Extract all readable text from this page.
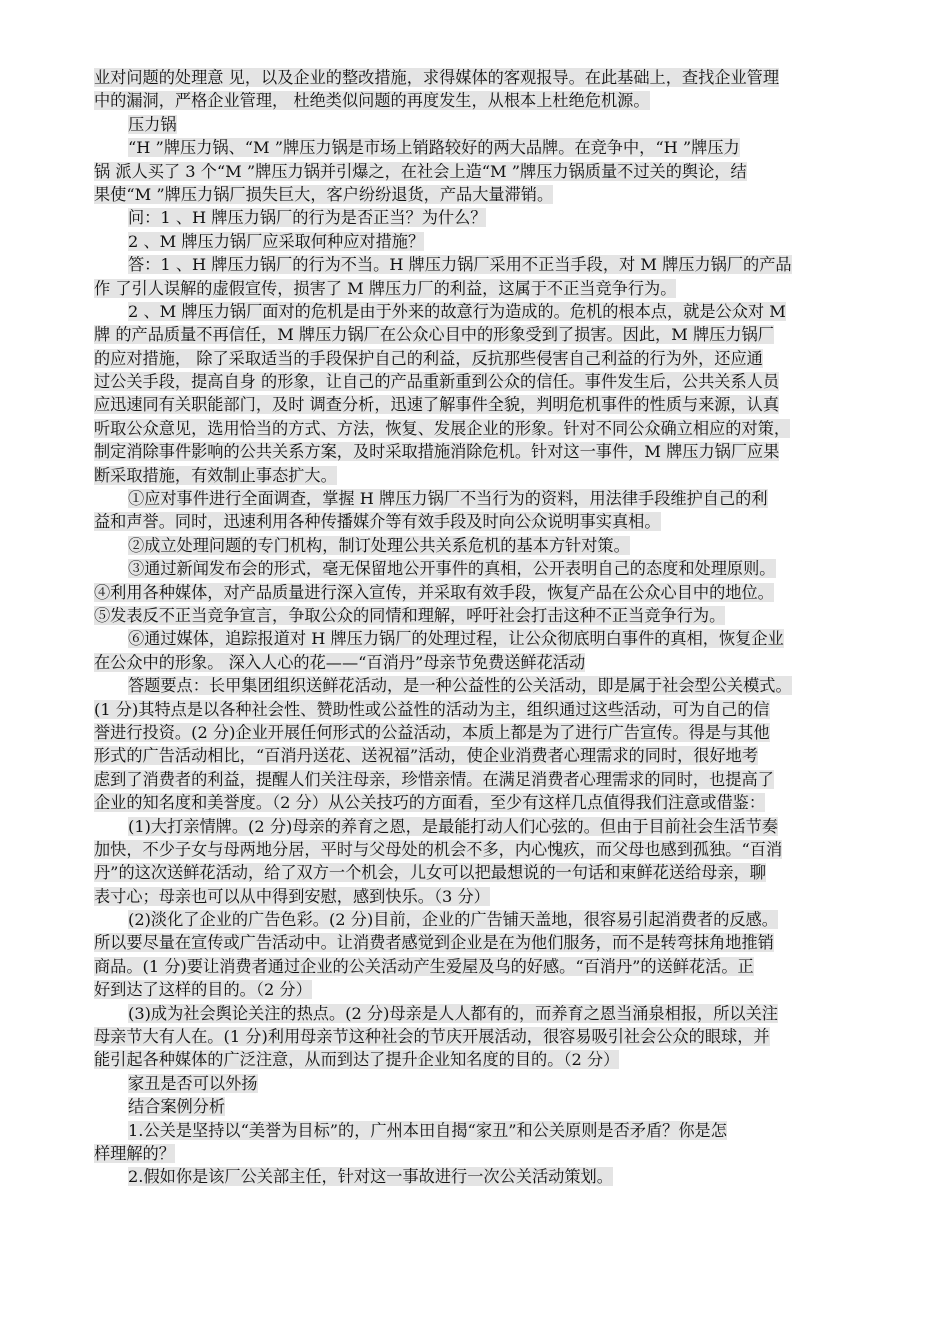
业对问题的处理意 见，以及企业的整改措施，求得媒体的客观报导。在此基础上，查找企业管理
中的漏洞，严格企业管理， 杜绝类似问题的再度发生，从根本上杜绝危机源。
压力锅
“H ”牌压力锅、“M ”牌压力锅是市场上销路较好的两大品牌。在竞争中，“H ”牌压力
锅 派人买了 3 个“M ”牌压力锅并引爆之，在社会上造“M ”牌压力锅质量不过关的舆论，结
果使“M ”牌压力锅厂损失巨大，客户纷纷退货，产品大量滞销。
问：1 、H 牌压力锅厂的行为是否正当？为什么？
2 、M 牌压力锅厂应采取何种应对措施？
答：1 、H 牌压力锅厂的行为不当。H 牌压力锅厂采用不正当手段，对 M 牌压力锅厂的产品
作 了引人误解的虚假宣传，损害了 M 牌压力厂的利益，这属于不正当竞争行为。
2 、M 牌压力锅厂面对的危机是由于外来的故意行为造成的。危机的根本点，就是公众对 M
牌 的产品质量不再信任，M 牌压力锅厂在公众心目中的形象受到了损害。因此，M 牌压力锅厂
的应对措施， 除了采取适当的手段保护自己的利益，反抗那些侵害自己利益的行为外，还应通
过公关手段，提高自身 的形象，让自己的产品重新重到公众的信任。事件发生后，公共关系人员
应迅速同有关职能部门，及时 调查分析，迅速了解事件全貌，判明危机事件的性质与来源，认真
听取公众意见，选用恰当的方式、方法，恢复、发展企业的形象。针对不同公众确立相应的对策，
制定消除事件影响的公共关系方案，及时采取措施消除危机。针对这一事件，M 牌压力锅厂应果
断采取措施，有效制止事态扩大。
①应对事件进行全面调查，掌握 H 牌压力锅厂不当行为的资料，用法律手段维护自己的利
益和声誉。同时，迅速利用各种传播媒介等有效手段及时向公众说明事实真相。
②成立处理问题的专门机构，制订处理公共关系危机的基本方针对策。
③通过新闻发布会的形式，毫无保留地公开事件的真相，公开表明自己的态度和处理原则。
④利用各种媒体，对产品质量进行深入宣传，并采取有效手段，恢复产品在公众心目中的地位。
⑤发表反不正当竞争宣言，争取公众的同情和理解，呼吁社会打击这种不正当竞争行为。
⑥通过媒体，追踪报道对 H 牌压力锅厂的处理过程，让公众彻底明白事件的真相，恢复企业
在公众中的形象。 深入人心的花——“百消丹”母亲节免费送鲜花活动
答题要点：长甲集团组织送鲜花活动，是一种公益性的公关活动，即是属于社会型公关模式。
(1 分)其特点是以各种社会性、赞助性或公益性的活动为主，组织通过这些活动，可为自己的信
誉进行投资。(2 分)企业开展任何形式的公益活动，本质上都是为了进行广告宣传。得是与其他
形式的广告活动相比，“百消丹送花、送祝福”活动，使企业消费者心理需求的同时，很好地考
虑到了消费者的利益，提醒人们关注母亲，珍惜亲情。在满足消费者心理需求的同时，也提高了
企业的知名度和美誉度。（2 分）从公关技巧的方面看，至少有这样几点值得我们注意或借鉴：
(1)大打亲情牌。(2 分)母亲的养育之恩，是最能打动人们心弦的。但由于目前社会生活节奏
加快，不少子女与母两地分居，平时与父母处的机会不多，内心愧疚，而父母也感到孤独。“百消
丹”的这次送鲜花活动，给了双方一个机会，儿女可以把最想说的一句话和束鲜花送给母亲，聊
表寸心；母亲也可以从中得到安慰，感到快乐。（3 分）
(2)淡化了企业的广告色彩。(2 分)目前，企业的广告铺天盖地，很容易引起消费者的反感。
所以要尽量在宣传或广告活动中。让消费者感觉到企业是在为他们服务，而不是转弯抹角地推销
商品。(1 分)要让消费者通过企业的公关活动产生爱屋及乌的好感。“百消丹”的送鲜花活。正
好到达了这样的目的。（2 分）
(3)成为社会舆论关注的热点。(2 分)母亲是人人都有的，而养育之恩当涌泉相报，所以关注
母亲节大有人在。(1 分)利用母亲节这种社会的节庆开展活动，很容易吸引社会公众的眼球，并
能引起各种媒体的广泛注意，从而到达了提升企业知名度的目的。（2 分）
家丑是否可以外扬
结合案例分析
1.公关是坚持以“美誉为目标”的，广州本田自揭“家丑”和公关原则是否矛盾？你是怎
样理解的？
2.假如你是该厂公关部主任，针对这一事故进行一次公关活动策划。
